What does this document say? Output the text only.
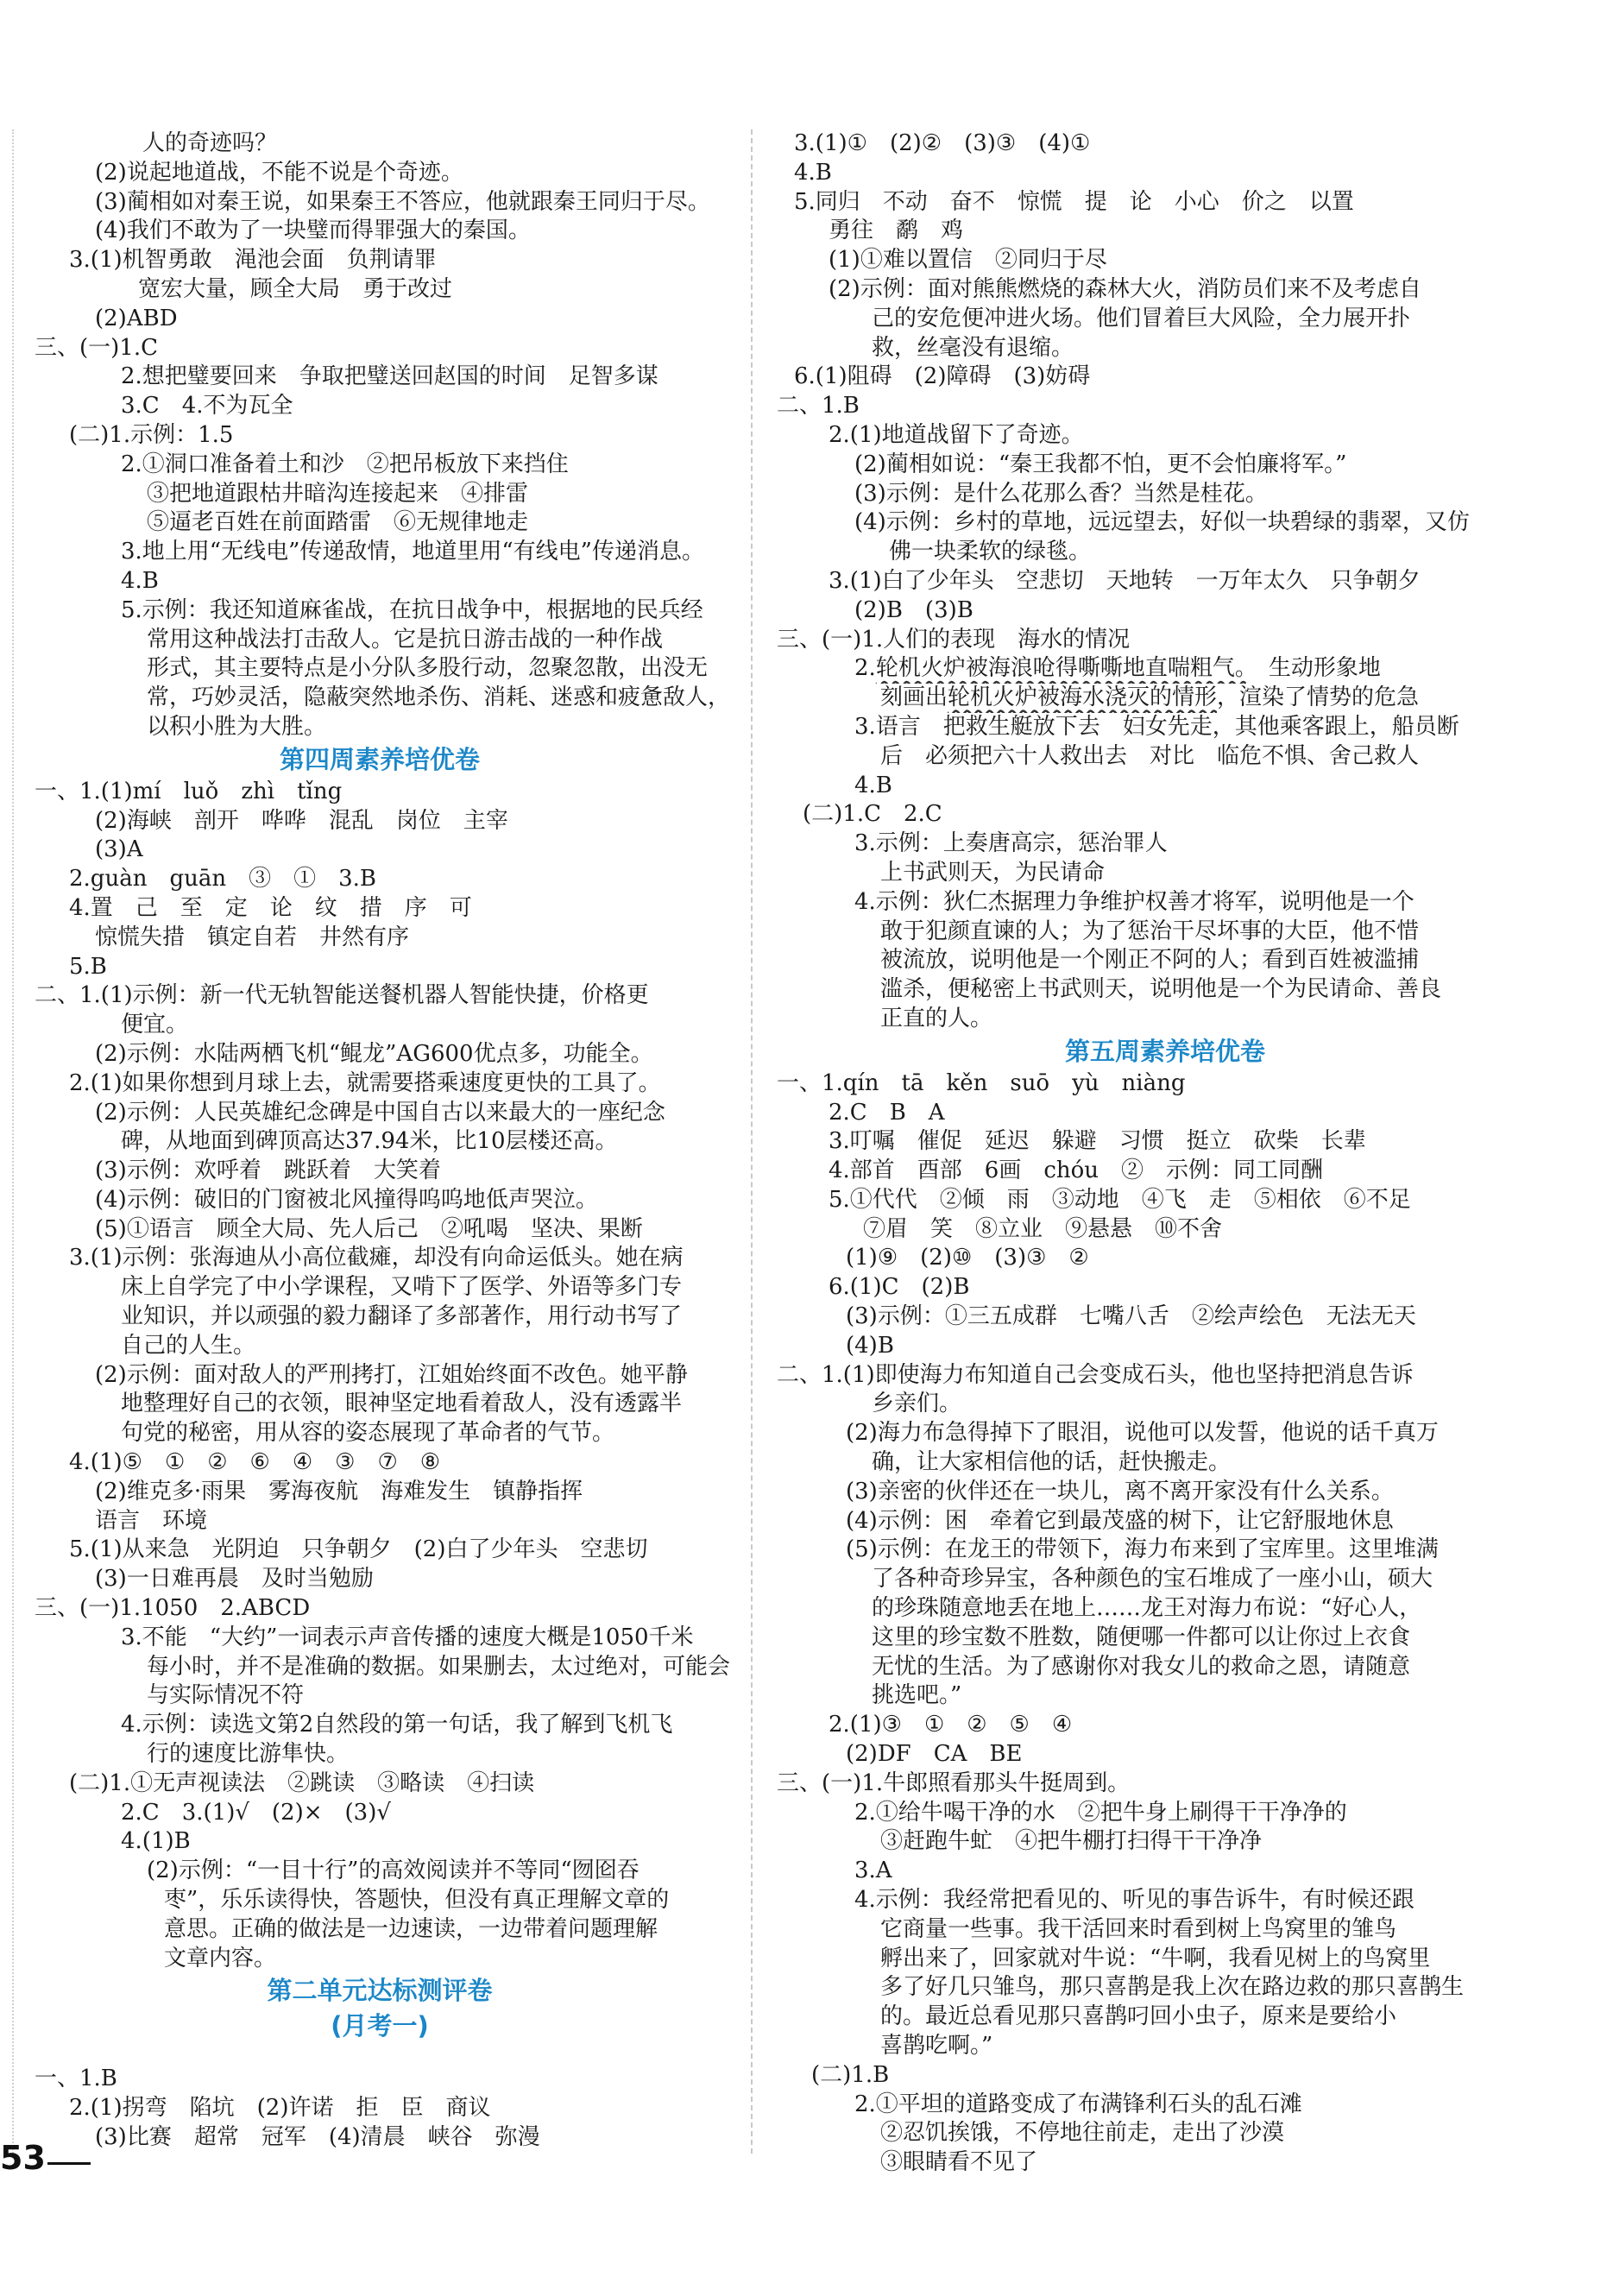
人的奇迹吗？
(2)说起地道战，不能不说是个奇迹。
(3)蔺相如对秦王说，如果秦王不答应，他就跟秦王同归于尽。
(4)我们不敢为了一块璧而得罪强大的秦国。
3.(1)机智勇敢　渑池会面　负荆请罪
宽宏大量，顾全大局　勇于改过
(2)ABD
三、(一)1.C
2.想把璧要回来　争取把璧送回赵国的时间　足智多谋
3.C　4.不为瓦全
(二)1.示例：1.5
2.①洞口准备着土和沙　②把吊板放下来挡住
③把地道跟枯井暗沟连接起来　④排雷
⑤逼老百姓在前面踏雷　⑥无规律地走
3.地上用“无线电”传递敌情，地道里用“有线电”传递消息。
4.B
5.示例：我还知道麻雀战，在抗日战争中，根据地的民兵经
常用这种战法打击敌人。它是抗日游击战的一种作战
形式，其主要特点是小分队多股行动，忽聚忽散，出没无
常，巧妙灵活，隐蔽突然地杀伤、消耗、迷惑和疲惫敌人，
以积小胜为大胜。
第四周素养培优卷
一、1.(1)mí　luǒ　zhì　tǐng
(2)海峡　剖开　哗哗　混乱　岗位　主宰
(3)A
2.guàn　guān　③　①　3.B
4.置　己　至　定　论　纹　措　序　可
惊慌失措　镇定自若　井然有序
5.B
二、1.(1)示例：新一代无轨智能送餐机器人智能快捷，价格更
便宜。
(2)示例：水陆两栖飞机“鲲龙”AG600优点多，功能全。
2.(1)如果你想到月球上去，就需要搭乘速度更快的工具了。
(2)示例：人民英雄纪念碑是中国自古以来最大的一座纪念
碑，从地面到碑顶高达37.94米，比10层楼还高。
(3)示例：欢呼着　跳跃着　大笑着
(4)示例：破旧的门窗被北风撞得呜呜地低声哭泣。
(5)①语言　顾全大局、先人后己　②吼喝　坚决、果断
3.(1)示例：张海迪从小高位截瘫，却没有向命运低头。她在病
床上自学完了中小学课程，又啃下了医学、外语等多门专
业知识，并以顽强的毅力翻译了多部著作，用行动书写了
自己的人生。
(2)示例：面对敌人的严刑拷打，江姐始终面不改色。她平静
地整理好自己的衣领，眼神坚定地看着敌人，没有透露半
句党的秘密，用从容的姿态展现了革命者的气节。
4.(1)⑤　①　②　⑥　④　③　⑦　⑧
(2)维克多·雨果　雾海夜航　海难发生　镇静指挥
语言　环境
5.(1)从来急　光阴迫　只争朝夕　(2)白了少年头　空悲切
(3)一日难再晨　及时当勉励
三、(一)1.1050　2.ABCD
3.不能　“大约”一词表示声音传播的速度大概是1050千米
每小时，并不是准确的数据。如果删去，太过绝对，可能会
与实际情况不符
4.示例：读选文第2自然段的第一句话，我了解到飞机飞
行的速度比游隼快。
(二)1.①无声视读法　②跳读　③略读　④扫读
2.C　3.(1)√　(2)×　(3)√
4.(1)B
(2)示例：“一目十行”的高效阅读并不等同“囫囵吞
枣”，乐乐读得快，答题快，但没有真正理解文章的
意思。正确的做法是一边速读，一边带着问题理解
文章内容。
第二单元达标测评卷
(月考一)
一、1.B
2.(1)拐弯　陷坑　(2)许诺　拒　臣　商议
(3)比赛　超常　冠军　(4)清晨　峡谷　弥漫
3.(1)①　(2)②　(3)③　(4)①
4.B
5.同归　不动　奋不　惊慌　提　论　小心　价之　以置
勇往　鹬　鸡
(1)①难以置信　②同归于尽
(2)示例：面对熊熊燃烧的森林大火，消防员们来不及考虑自
己的安危便冲进火场。他们冒着巨大风险，全力展开扑
救，丝毫没有退缩。
6.(1)阻碍　(2)障碍　(3)妨碍
二、1.B
2.(1)地道战留下了奇迹。
(2)蔺相如说：“秦王我都不怕，更不会怕廉将军。”
(3)示例：是什么花那么香？当然是桂花。
(4)示例：乡村的草地，远远望去，好似一块碧绿的翡翠，又仿
佛一块柔软的绿毯。
3.(1)白了少年头　空悲切　天地转　一万年太久　只争朝夕
(2)B　(3)B
三、(一)1.人们的表现　海水的情况
2.轮机火炉被海浪呛得嘶嘶地直喘粗气。　生动形象地
刻画出轮机火炉被海水浇灭的情形，渲染了情势的危急
3.语言　把救生艇放下去　妇女先走，其他乘客跟上，船员断
后　必须把六十人救出去　对比　临危不惧、舍己救人
4.B
(二)1.C　2.C
3.示例：上奏唐高宗，惩治罪人
上书武则天，为民请命
4.示例：狄仁杰据理力争维护权善才将军，说明他是一个
敢于犯颜直谏的人；为了惩治干尽坏事的大臣，他不惜
被流放，说明他是一个刚正不阿的人；看到百姓被滥捕
滥杀，便秘密上书武则天，说明他是一个为民请命、善良
正直的人。
第五周素养培优卷
一、1.qín　tā　kěn　suō　yù　niàng
2.C　B　A
3.叮嘱　催促　延迟　躲避　习惯　挺立　砍柴　长辈
4.部首　酉部　6画　chóu　②　示例：同工同酬
5.①代代　②倾　雨　③动地　④飞　走　⑤相依　⑥不足
⑦眉　笑　⑧立业　⑨悬悬　⑩不舍
(1)⑨　(2)⑩　(3)③　②
6.(1)C　(2)B
(3)示例：①三五成群　七嘴八舌　②绘声绘色　无法无天
(4)B
二、1.(1)即使海力布知道自己会变成石头，他也坚持把消息告诉
乡亲们。
(2)海力布急得掉下了眼泪，说他可以发誓，他说的话千真万
确，让大家相信他的话，赶快搬走。
(3)亲密的伙伴还在一块儿，离不离开家没有什么关系。
(4)示例：困　牵着它到最茂盛的树下，让它舒服地休息
(5)示例：在龙王的带领下，海力布来到了宝库里。这里堆满
了各种奇珍异宝，各种颜色的宝石堆成了一座小山，硕大
的珍珠随意地丢在地上……龙王对海力布说：“好心人，
这里的珍宝数不胜数，随便哪一件都可以让你过上衣食
无忧的生活。为了感谢你对我女儿的救命之恩，请随意
挑选吧。”
2.(1)③　①　②　⑤　④
(2)DF　CA　BE
三、(一)1.牛郎照看那头牛挺周到。
2.①给牛喝干净的水　②把牛身上刷得干干净净的
③赶跑牛虻　④把牛棚打扫得干干净净
3.A
4.示例：我经常把看见的、听见的事告诉牛，有时候还跟
它商量一些事。我干活回来时看到树上鸟窝里的雏鸟
孵出来了，回家就对牛说：“牛啊，我看见树上的鸟窝里
多了好几只雏鸟，那只喜鹊是我上次在路边救的那只喜鹊生
的。最近总看见那只喜鹊叼回小虫子，原来是要给小
喜鹊吃啊。”
(二)1.B
2.①平坦的道路变成了布满锋利石头的乱石滩
②忍饥挨饿，不停地往前走，走出了沙漠
③眼睛看不见了
53
